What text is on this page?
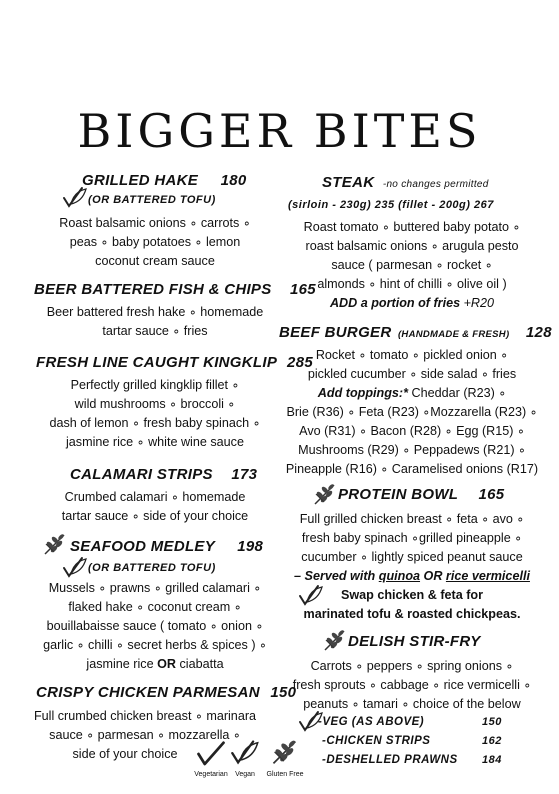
BIGGER BITES
GRILLED HAKE 180
(OR BATTERED TOFU)
Roast balsamic onions ∘ carrots ∘
peas ∘ baby potatoes ∘ lemon
coconut cream sauce
BEER BATTERED FISH & CHIPS 165
Beer battered fresh hake ∘ homemade
tartar sauce ∘ fries
FRESH LINE CAUGHT KINGKLIP 285
Perfectly grilled kingklip fillet ∘
wild mushrooms ∘ broccoli ∘
dash of lemon ∘ fresh baby spinach ∘
jasmine rice ∘ white wine sauce
CALAMARI STRIPS 173
Crumbed calamari ∘ homemade
tartar sauce ∘ side of your choice
SEAFOOD MEDLEY 198
(OR BATTERED TOFU)
Mussels ∘ prawns ∘ grilled calamari ∘
flaked hake ∘ coconut cream ∘
bouillabaisse sauce ( tomato ∘ onion ∘
garlic ∘ chilli ∘ secret herbs & spices ) ∘
jasmine rice OR ciabatta
CRISPY CHICKEN PARMESAN 150
Full crumbed chicken breast ∘ marinara
sauce ∘ parmesan ∘ mozzarella ∘
side of your choice
Vegetarian	Vegan	Gluten Free
STEAK -no changes permitted
(sirloin - 230g) 235 (fillet - 200g) 267
Roast tomato ∘ buttered baby potato ∘
roast balsamic onions ∘ arugula pesto
sauce ( parmesan ∘ rocket ∘
almonds ∘ hint of chilli ∘ olive oil )
ADD a portion of fries +R20
BEEF BURGER (HANDMADE & FRESH) 128
Rocket ∘ tomato ∘ pickled onion ∘
pickled cucumber ∘ side salad ∘ fries
Add toppings:* Cheddar (R23) ∘
Brie (R36) ∘ Feta (R23) ∘Mozzarella (R23) ∘
Avo (R31) ∘ Bacon (R28) ∘ Egg (R15) ∘
Mushrooms (R29) ∘ Peppadews (R21) ∘
Pineapple (R16) ∘ Caramelised onions (R17)
PROTEIN BOWL 165
Full grilled chicken breast ∘ feta ∘ avo ∘
fresh baby spinach ∘grilled pineapple ∘
cucumber ∘ lightly spiced peanut sauce
– Served with quinoa OR rice vermicelli
Swap chicken & feta for
marinated tofu & roasted chickpeas.
DELISH STIR-FRY
Carrots ∘ peppers ∘ spring onions ∘
fresh sprouts ∘ cabbage ∘ rice vermicelli ∘
peanuts ∘ tamari ∘ choice of the below
-VEG (AS ABOVE)	150
-CHICKEN STRIPS	162
-DESHELLED PRAWNS 184
